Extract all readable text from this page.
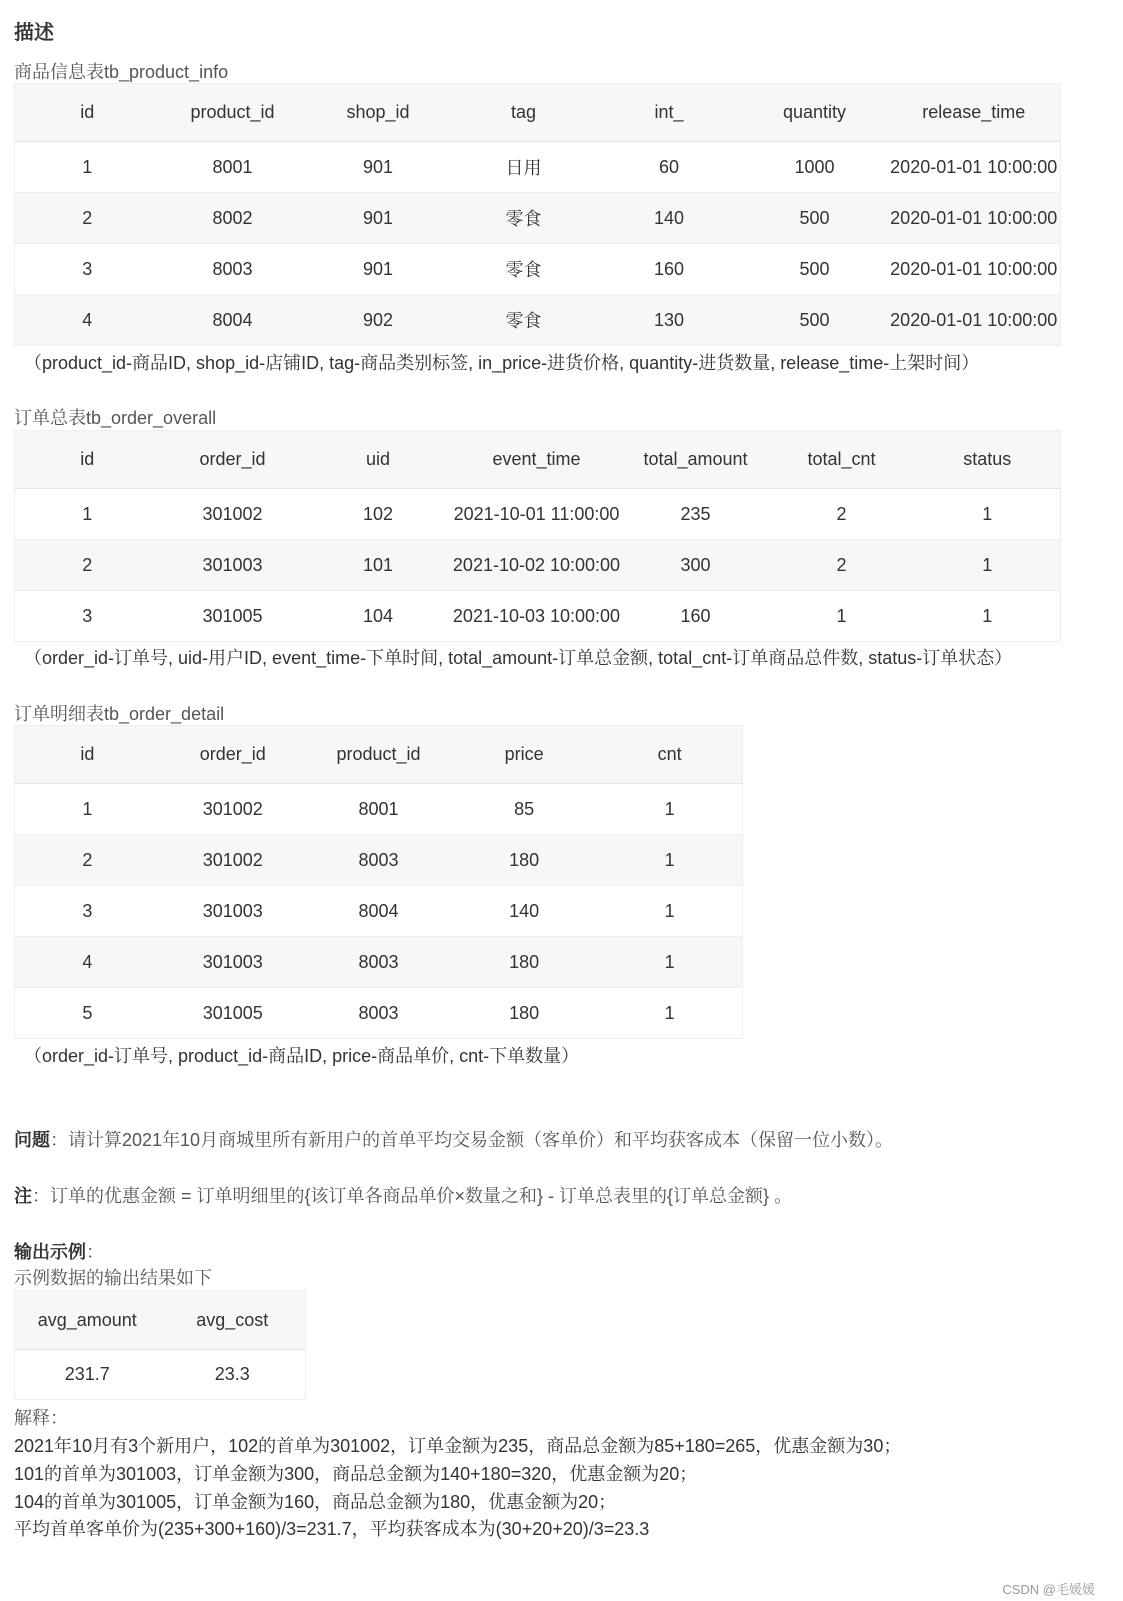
描述
商品信息表tb_product_info
id	product_id	shop_id	tag	int_	quantity	release_time
1	8001	901	日用	60	1000	2020-01-01 10:00:00
2	8002	901	零食	140	500	2020-01-01 10:00:00
3	8003	901	零食	160	500	2020-01-01 10:00:00
4	8004	902	零食	130	500	2020-01-01 10:00:00
（product_id-商品ID, shop_id-店铺ID, tag-商品类别标签, in_price-进货价格, quantity-进货数量, release_time-上架时间）
订单总表tb_order_overall
id	order_id	uid	event_time	total_amount	total_cnt	status
1	301002	102	2021-10-01 11:00:00	235	2	1
2	301003	101	2021-10-02 10:00:00	300	2	1
3	301005	104	2021-10-03 10:00:00	160	1	1
（order_id-订单号, uid-用户ID, event_time-下单时间, total_amount-订单总金额, total_cnt-订单商品总件数, status-订单状态）
订单明细表tb_order_detail
id	order_id	product_id	price	cnt
1	301002	8001	85	1
2	301002	8003	180	1
3	301003	8004	140	1
4	301003	8003	180	1
5	301005	8003	180	1
（order_id-订单号, product_id-商品ID, price-商品单价, cnt-下单数量）
问题：请计算2021年10月商城里所有新用户的首单平均交易金额（客单价）和平均获客成本（保留一位小数）。
注：订单的优惠金额 = 订单明细里的{该订单各商品单价×数量之和} - 订单总表里的{订单总金额} 。
输出示例：
示例数据的输出结果如下
avg_amount	avg_cost
231.7	23.3
解释：
2021年10月有3个新用户，102的首单为301002，订单金额为235，商品总金额为85+180=265，优惠金额为30；
101的首单为301003，订单金额为300，商品总金额为140+180=320，优惠金额为20；
104的首单为301005，订单金额为160，商品总金额为180，优惠金额为20；
平均首单客单价为(235+300+160)/3=231.7，平均获客成本为(30+20+20)/3=23.3
CSDN @毛媛媛
